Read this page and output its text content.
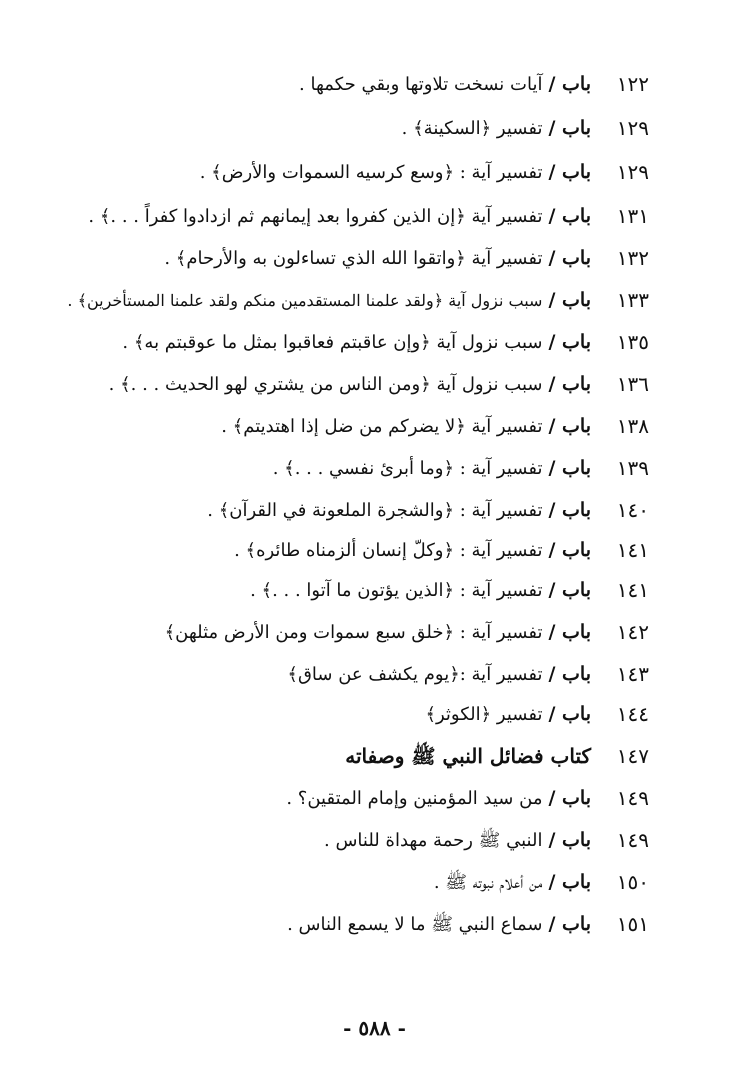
١٢٢
باب /آيات نسخت تلاوتها وبقي حكمها .
١٢٩
باب /تفسير ﴿السكينة﴾ .
١٢٩
باب /تفسير آية : ﴿وسع كرسيه السموات والأرض﴾ .
١٣١
باب /تفسير آية ﴿إن الذين كفروا بعد إيمانهم ثم ازدادوا كفراً . . .﴾ .
١٣٢
باب /تفسير آية ﴿واتقوا الله الذي تساءلون به والأرحام﴾ .
١٣٣
باب /سبب نزول آية ﴿ولقد علمنا المستقدمين منكم ولقد علمنا المستأخرين﴾ .
١٣٥
باب /سبب نزول آية ﴿وإن عاقبتم فعاقبوا بمثل ما عوقبتم به﴾ .
١٣٦
باب /سبب نزول آية ﴿ومن الناس من يشتري لهو الحديث . . .﴾ .
١٣٨
باب /تفسير آية ﴿لا يضركم من ضل إذا اهتديتم﴾ .
١٣٩
باب /تفسير آية : ﴿وما أبرئ نفسي . . .﴾ .
١٤٠
باب /تفسير آية : ﴿والشجرة الملعونة في القرآن﴾ .
١٤١
باب /تفسير آية : ﴿وكلّ إنسان ألزمناه طائره﴾ .
١٤١
باب /تفسير آية : ﴿الذين يؤتون ما آتوا . . .﴾ .
١٤٢
باب /تفسير آية : ﴿خلق سبع سموات ومن الأرض مثلهن﴾
١٤٣
باب /تفسير آية :﴿يوم يكشف عن ساق﴾
١٤٤
باب /تفسير ﴿الكوثر﴾
١٤٧
كتاب فضائل النبي ﷺ وصفاته
١٤٩
باب /من سيد المؤمنين وإمام المتقين؟ .
١٤٩
باب /النبي ﷺ رحمة مهداة للناس .
١٥٠
باب /من أعلام نبوته ﷺ .
١٥١
باب /سماع النبي ﷺ ما لا يسمع الناس .
- ٥٨٨ -
